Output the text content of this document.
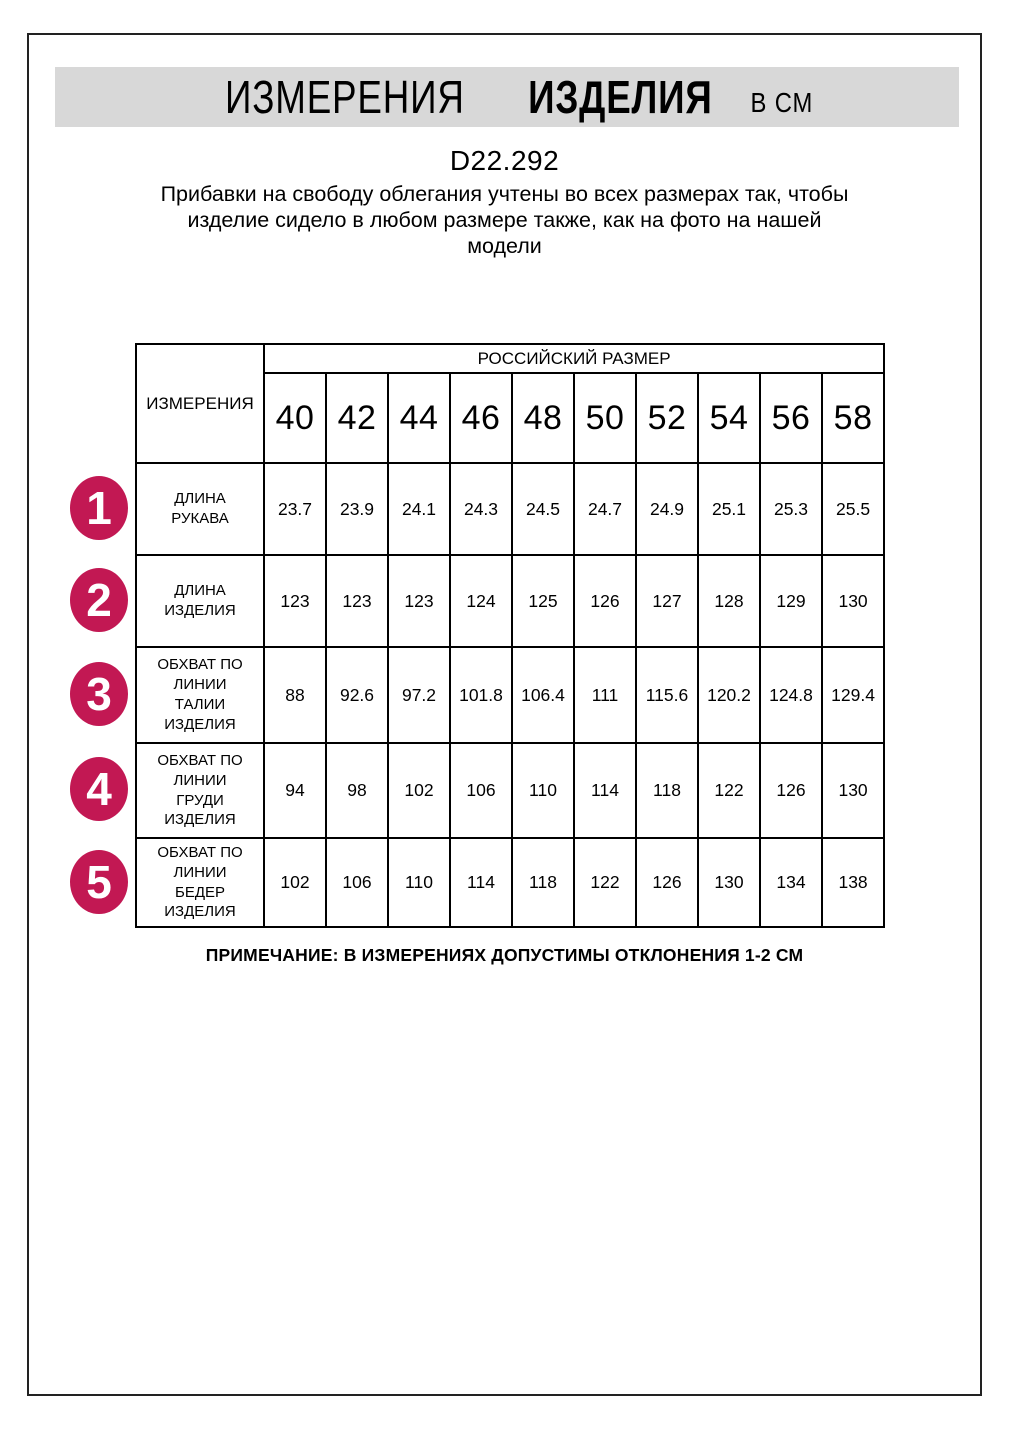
ИЗМЕРЕНИЯ ИЗДЕЛИЯ В СМ
D22.292
Прибавки на свободу облегания учтены во всех размерах так, чтобы
изделие сидело в любом размере также, как на фото на нашей
модели
ИЗМЕРЕНИЯ	РОССИЙСКИЙ РАЗМЕР									
	40	42	44	46	48	50	52	54	56	58

ДЛИНА
РУКАВА	23.7	23.9	24.1	24.3	24.5	24.7	24.9	25.1	25.3	25.5

ДЛИНА
ИЗДЕЛИЯ	123	123	123	124	125	126	127	128	129	130

ОБХВАТ ПО
ЛИНИИ
ТАЛИИ
ИЗДЕЛИЯ	88	92.6	97.2	101.8	106.4	111	115.6	120.2	124.8	129.4

ОБХВАТ ПО
ЛИНИИ
ГРУДИ
ИЗДЕЛИЯ	94	98	102	106	110	114	118	122	126	130

ОБХВАТ ПО
ЛИНИИ
БЕДЕР
ИЗДЕЛИЯ	102	106	110	114	118	122	126	130	134	138
1
2
3
4
5
ПРИМЕЧАНИЕ: В ИЗМЕРЕНИЯХ ДОПУСТИМЫ ОТКЛОНЕНИЯ 1-2 СМ
